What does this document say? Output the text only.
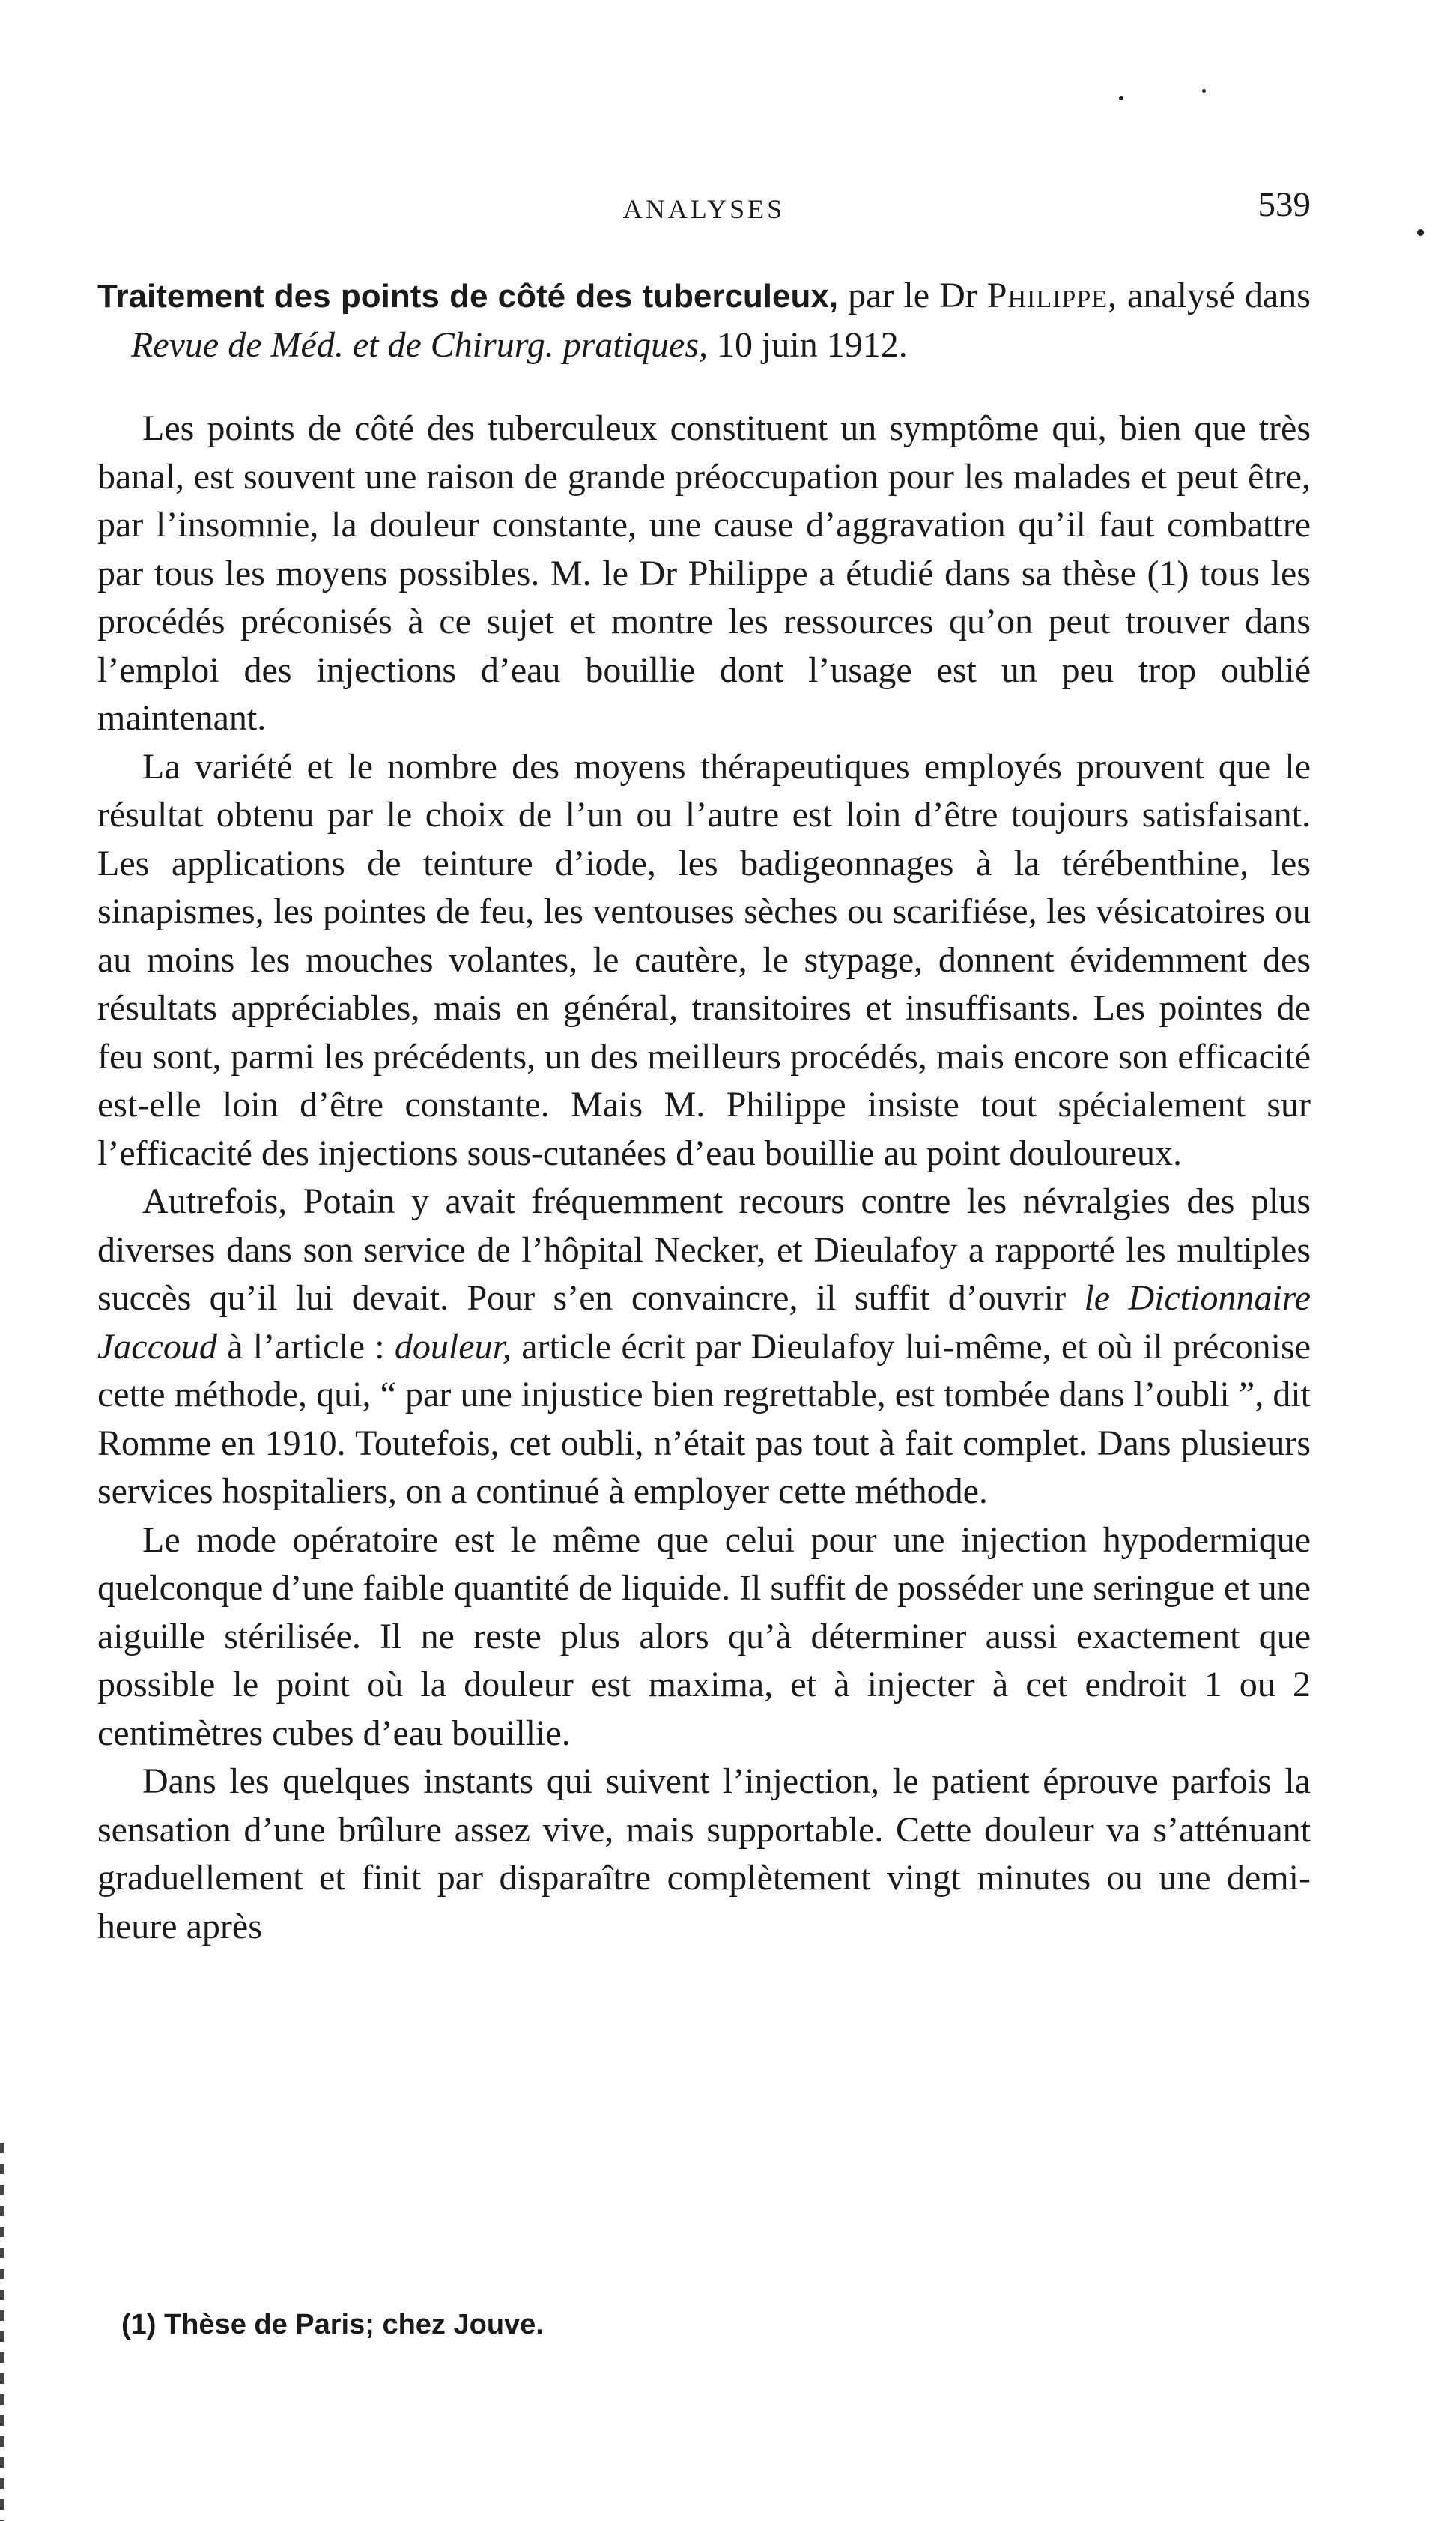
ANALYSES	539

Traitement des points de côté des tuberculeux, par le Dr Philippe, analysé dans Revue de Méd. et de Chirurg. pratiques, 10 juin 1912.

Les points de côté des tuberculeux constituent un symptôme qui, bien que très banal, est souvent une raison de grande préoccupation pour les malades et peut être, par l’insomnie, la douleur constante, une cause d’aggravation qu’il faut combattre par tous les moyens possibles. M. le Dr Philippe a étudié dans sa thèse (1) tous les procédés préconisés à ce sujet et montre les ressources qu’on peut trouver dans l’emploi des injections d’eau bouillie dont l’usage est un peu trop oublié maintenant.

La variété et le nombre des moyens thérapeutiques employés prouvent que le résultat obtenu par le choix de l’un ou l’autre est loin d’être toujours satisfaisant. Les applications de teinture d’iode, les badigeonnages à la térébenthine, les sinapismes, les pointes de feu, les ventouses sèches ou scarifiése, les vésicatoires ou au moins les mouches volantes, le cautère, le stypage, donnent évidemment des résultats appréciables, mais en général, transitoires et insuffisants. Les pointes de feu sont, parmi les précédents, un des meilleurs procédés, mais encore son efficacité est-elle loin d’être constante. Mais M. Philippe insiste tout spécialement sur l’efficacité des injections sous-cutanées d’eau bouillie au point douloureux.

Autrefois, Potain y avait fréquemment recours contre les névralgies des plus diverses dans son service de l’hôpital Necker, et Dieulafoy a rapporté les multiples succès qu’il lui devait. Pour s’en convaincre, il suffit d’ouvrir le Dictionnaire Jaccoud à l’article : douleur, article écrit par Dieulafoy lui-même, et où il préconise cette méthode, qui, “ par une injustice bien regrettable, est tombée dans l’oubli ”, dit Romme en 1910. Toutefois, cet oubli, n’était pas tout à fait complet. Dans plusieurs services hospitaliers, on a continué à employer cette méthode.

Le mode opératoire est le même que celui pour une injection hypodermique quelconque d’une faible quantité de liquide. Il suffit de posséder une seringue et une aiguille stérilisée. Il ne reste plus alors qu’à déterminer aussi exactement que possible le point où la douleur est maxima, et à injecter à cet endroit 1 ou 2 centimètres cubes d’eau bouillie.

Dans les quelques instants qui suivent l’injection, le patient éprouve parfois la sensation d’une brûlure assez vive, mais supportable. Cette douleur va s’atténuant graduellement et finit par disparaître complètement vingt minutes ou une demi-heure après

(1) Thèse de Paris; chez Jouve.
